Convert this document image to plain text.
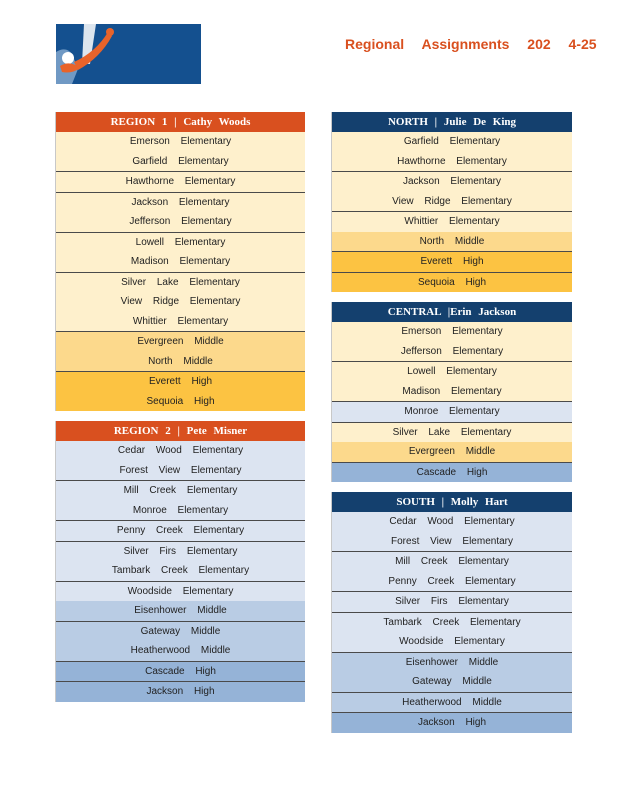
Regional Assignments 202 4-25
REGION 1 | Cathy Woods
Emerson Elementary
Garfield Elementary
Hawthorne Elementary
Jackson Elementary
Jefferson Elementary
Lowell Elementary
Madison Elementary
Silver Lake Elementary
View Ridge Elementary
Whittier Elementary
Evergreen Middle
North Middle
Everett High
Sequoia High
REGION 2 | Pete Misner
Cedar Wood Elementary
Forest View Elementary
Mill Creek Elementary
Monroe Elementary
Penny Creek Elementary
Silver Firs Elementary
Tambark Creek Elementary
Woodside Elementary
Eisenhower Middle
Gateway Middle
Heatherwood Middle
Cascade High
Jackson High
NORTH | Julie De King
Garfield Elementary
Hawthorne Elementary
Jackson Elementary
View Ridge Elementary
Whittier Elementary
North Middle
Everett High
Sequoia High
CENTRAL |Erin Jackson
Emerson Elementary
Jefferson Elementary
Lowell Elementary
Madison Elementary
Monroe Elementary
Silver Lake Elementary
Evergreen Middle
Cascade High
SOUTH | Molly Hart
Cedar Wood Elementary
Forest View Elementary
Mill Creek Elementary
Penny Creek Elementary
Silver Firs Elementary
Tambark Creek Elementary
Woodside Elementary
Eisenhower Middle
Gateway Middle
Heatherwood Middle
Jackson High
